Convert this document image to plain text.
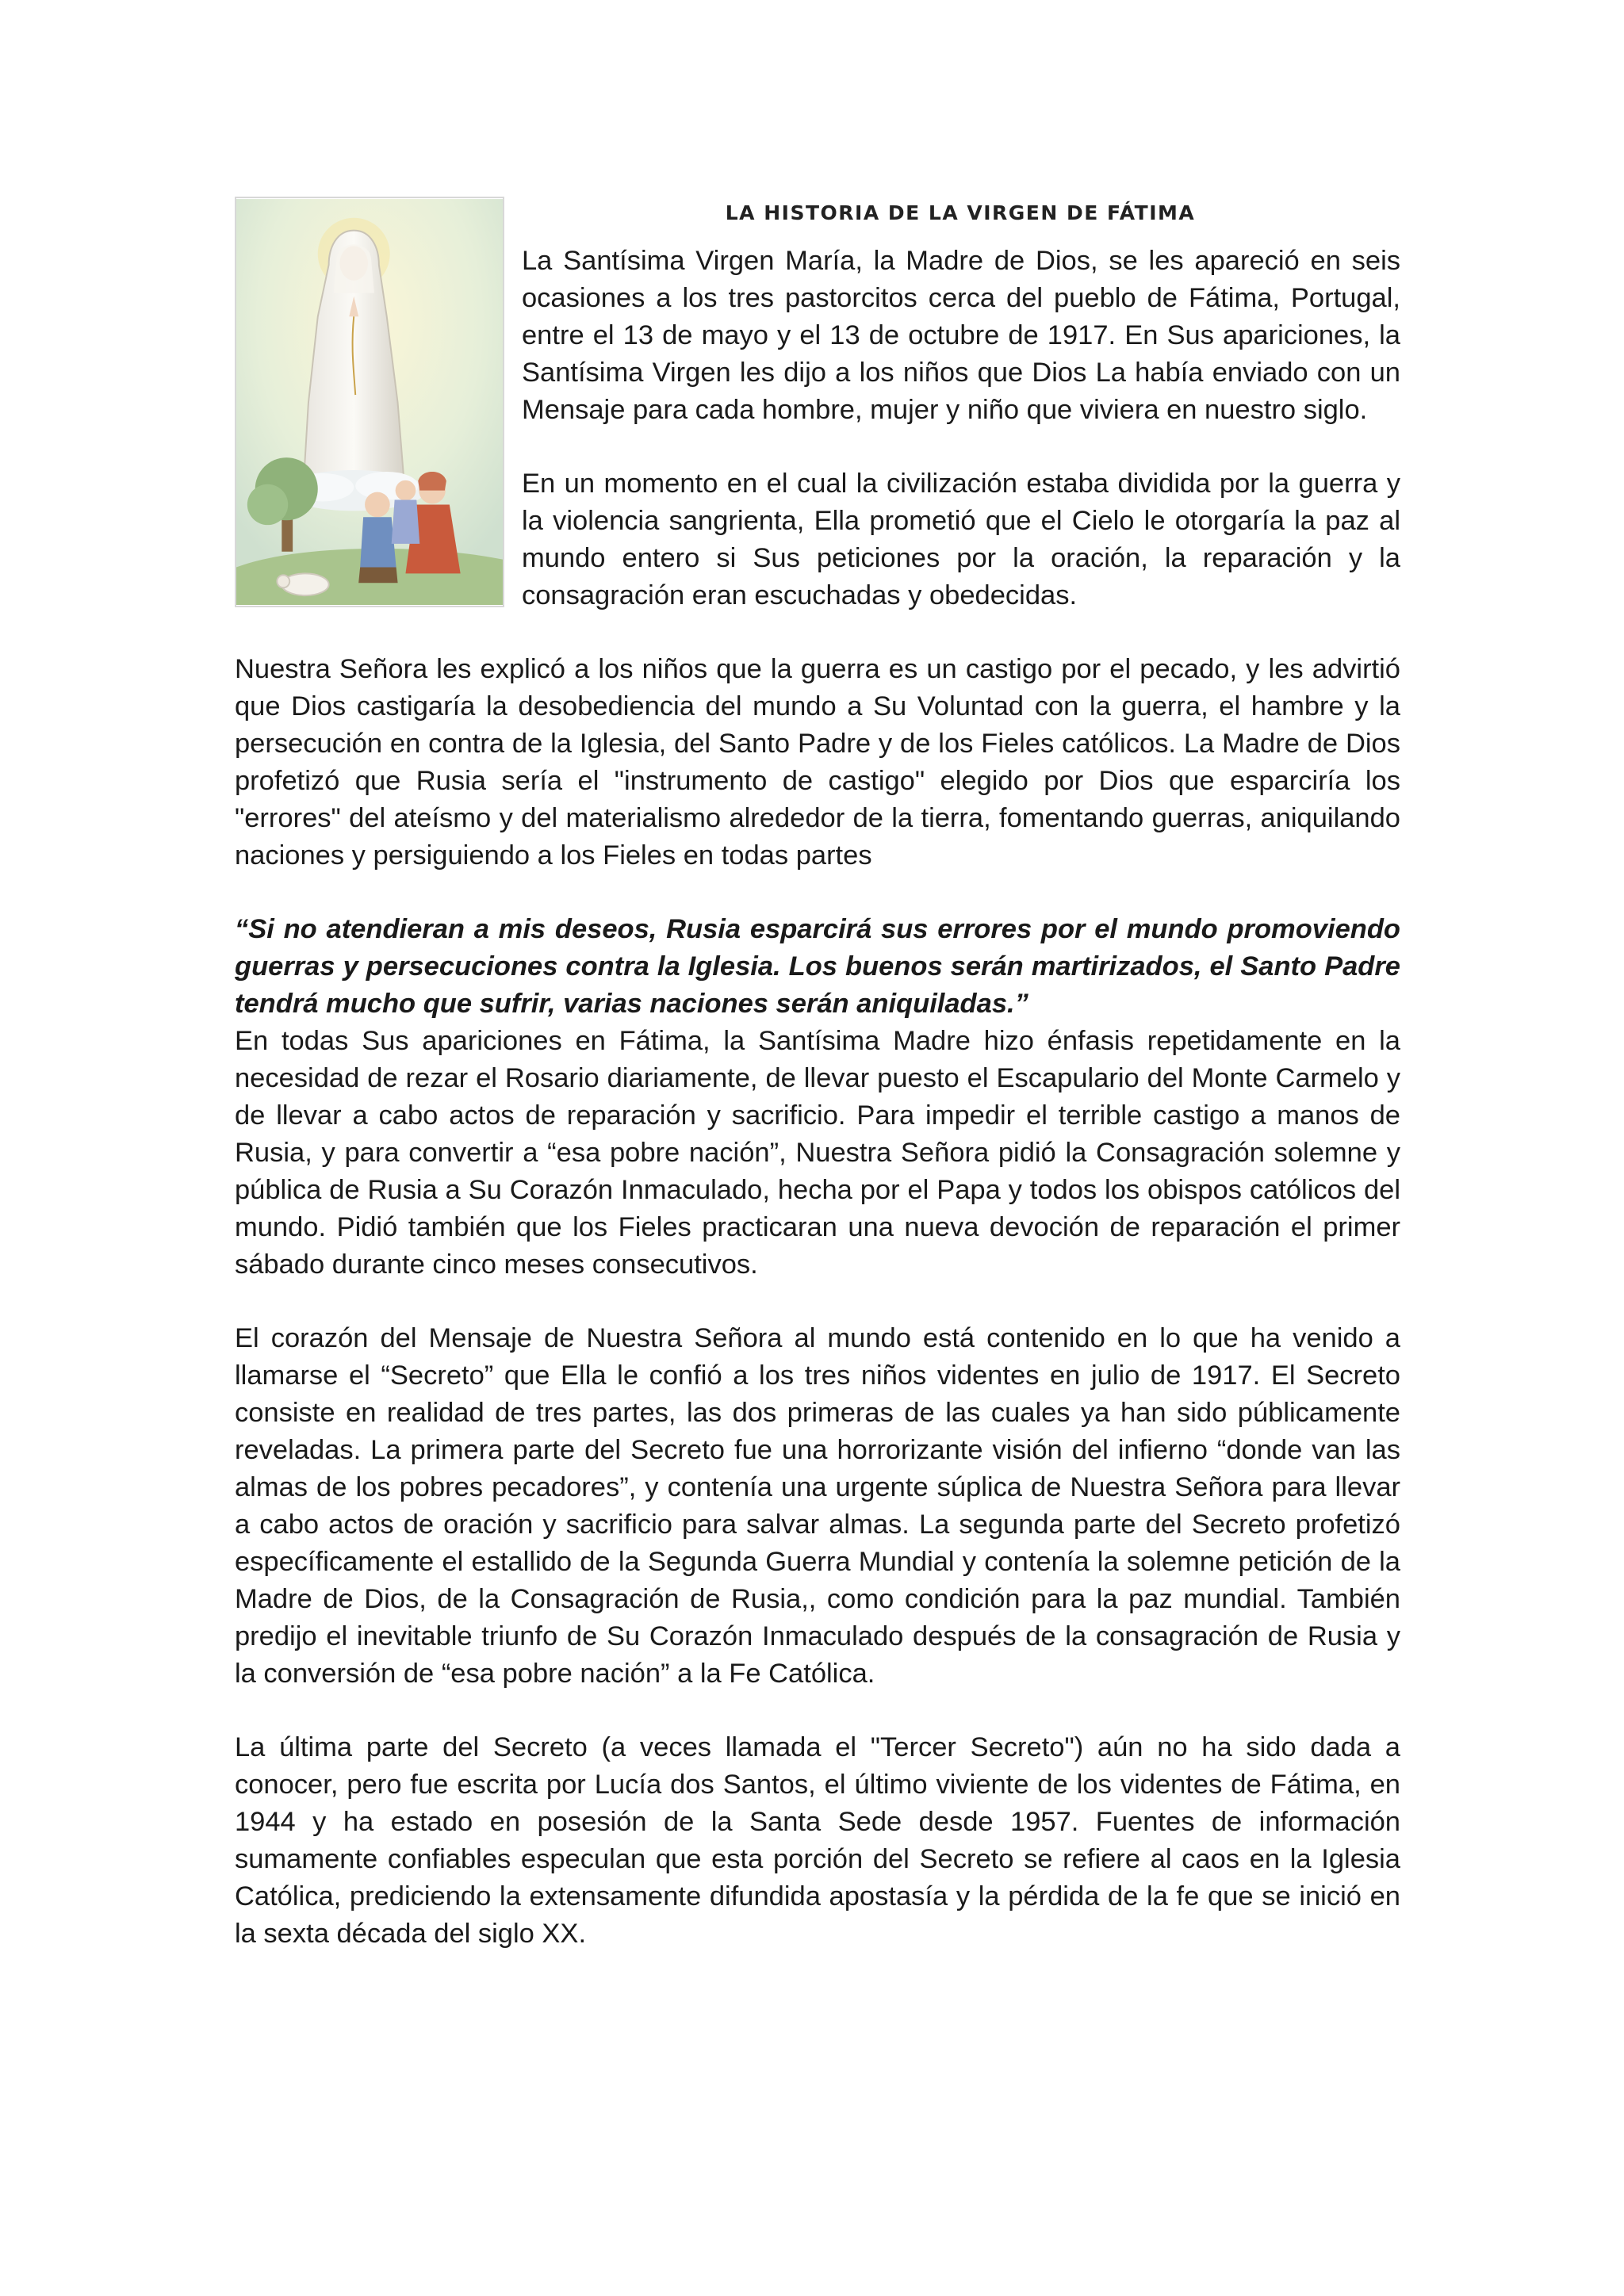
LA HISTORIA DE LA VIRGEN DE FÁTIMA

La Santísima Virgen María, la Madre de Dios, se les apareció en seis ocasiones a los tres pastorcitos cerca del pueblo de Fátima, Portugal, entre el 13 de mayo y el 13 de octubre de 1917. En Sus apariciones, la Santísima Virgen les dijo a los niños que Dios La había enviado con un Mensaje para cada hombre, mujer y niño que viviera en nuestro siglo.

En un momento en el cual la civilización estaba dividida por la guerra y la violencia sangrienta, Ella prometió que el Cielo le otorgaría la paz al mundo entero si Sus peticiones por la oración, la reparación y la consagración eran escuchadas y obedecidas.

Nuestra Señora les explicó a los niños que la guerra es un castigo por el pecado, y les advirtió que Dios castigaría la desobediencia del mundo a Su Voluntad con la guerra, el hambre y la persecución en contra de la Iglesia, del Santo Padre y de los Fieles católicos. La Madre de Dios profetizó que Rusia sería el "instrumento de castigo" elegido por Dios que esparciría los "errores" del ateísmo y del materialismo alrededor de la tierra, fomentando guerras, aniquilando naciones y persiguiendo a los Fieles en todas partes

“Si no atendieran a mis deseos, Rusia esparcirá sus errores por el mundo promoviendo guerras y persecuciones contra la Iglesia. Los buenos serán martirizados, el Santo Padre tendrá mucho que sufrir, varias naciones serán aniquiladas.”

En todas Sus apariciones en Fátima, la Santísima Madre hizo énfasis repetidamente en la necesidad de rezar el Rosario diariamente, de llevar puesto el Escapulario del Monte Carmelo y de llevar a cabo actos de reparación y sacrificio. Para impedir el terrible castigo a manos de Rusia, y para convertir a “esa pobre nación”, Nuestra Señora pidió la Consagración solemne y pública de Rusia a Su Corazón Inmaculado, hecha por el Papa y todos los obispos católicos del mundo. Pidió también que los Fieles practicaran una nueva devoción de reparación el primer sábado durante cinco meses consecutivos.

El corazón del Mensaje de Nuestra Señora al mundo está contenido en lo que ha venido a llamarse el “Secreto” que Ella le confió a los tres niños videntes en julio de 1917. El Secreto consiste en realidad de tres partes, las dos primeras de las cuales ya han sido públicamente reveladas. La primera parte del Secreto fue una horrorizante visión del infierno “donde van las almas de los pobres pecadores”, y contenía una urgente súplica de Nuestra Señora para llevar a cabo actos de oración y sacrificio para salvar almas. La segunda parte del Secreto profetizó específicamente el estallido de la Segunda Guerra Mundial y contenía la solemne petición de la Madre de Dios, de la Consagración de Rusia,, como condición para la paz mundial. También predijo el inevitable triunfo de Su Corazón Inmaculado después de la consagración de Rusia y la conversión de “esa pobre nación” a la Fe Católica.

La última parte del Secreto (a veces llamada el "Tercer Secreto") aún no ha sido dada a conocer, pero fue escrita por Lucía dos Santos, el último viviente de los videntes de Fátima, en 1944 y ha estado en posesión de la Santa Sede desde 1957. Fuentes de información sumamente confiables especulan que esta porción del Secreto se refiere al caos en la Iglesia Católica, prediciendo la extensamente difundida apostasía y la pérdida de la fe que se inició en la sexta década del siglo XX.
